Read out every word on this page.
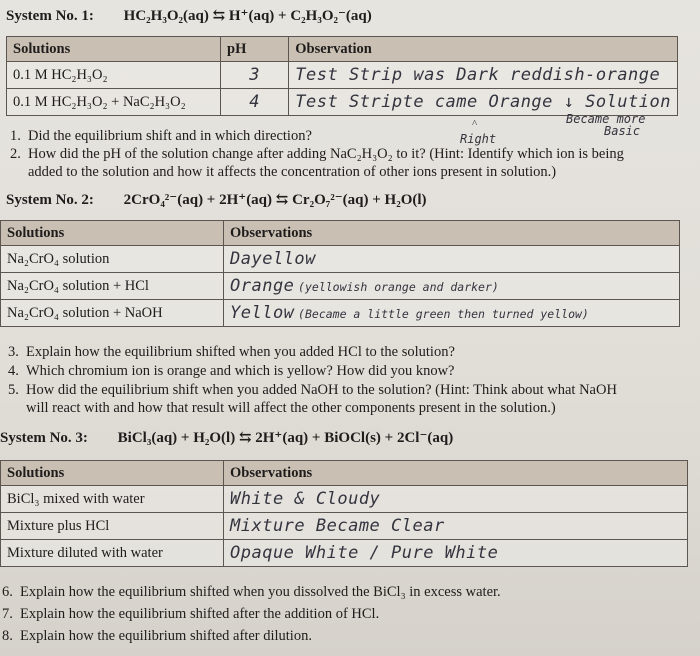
System No. 1: HC₂H₃O₂(aq) ⇆ H⁺(aq) + C₂H₃O₂⁻(aq)
Solutions	pH	Observation
0.1 M HC₂H₃O₂	3	Test Strip was Dark reddish-orange
0.1 M HC₂H₃O₂ + NaC₂H₃O₂	4	Test Stripte came Orange ↓ Solution
Became more
^
Right
Basic
1. Did the equilibrium shift and in which direction?
2. How did the pH of the solution change after adding NaC₂H₃O₂ to it? (Hint: Identify which ion is being
added to the solution and how it affects the concentration of other ions present in solution.)
System No. 2: 2CrO₄²⁻(aq) + 2H⁺(aq) ⇆ Cr₂O₇²⁻(aq) + H₂O(l)
Solutions	Observations
Na₂CrO₄ solution	Dayellow
Na₂CrO₄ solution + HCl	Orange (yellowish orange and darker)
Na₂CrO₄ solution + NaOH	Yellow (Became a little green then turned yellow)
3. Explain how the equilibrium shifted when you added HCl to the solution?
4. Which chromium ion is orange and which is yellow? How did you know?
5. How did the equilibrium shift when you added NaOH to the solution? (Hint: Think about what NaOH
will react with and how that result will affect the other components present in the solution.)
System No. 3: BiCl₃(aq) + H₂O(l) ⇆ 2H⁺(aq) + BiOCl(s) + 2Cl⁻(aq)
Solutions	Observations
BiCl₃ mixed with water	White & Cloudy
Mixture plus HCl	Mixture Became Clear
Mixture diluted with water	Opaque White / Pure White
6. Explain how the equilibrium shifted when you dissolved the BiCl₃ in excess water.
7. Explain how the equilibrium shifted after the addition of HCl.
8. Explain how the equilibrium shifted after dilution.
